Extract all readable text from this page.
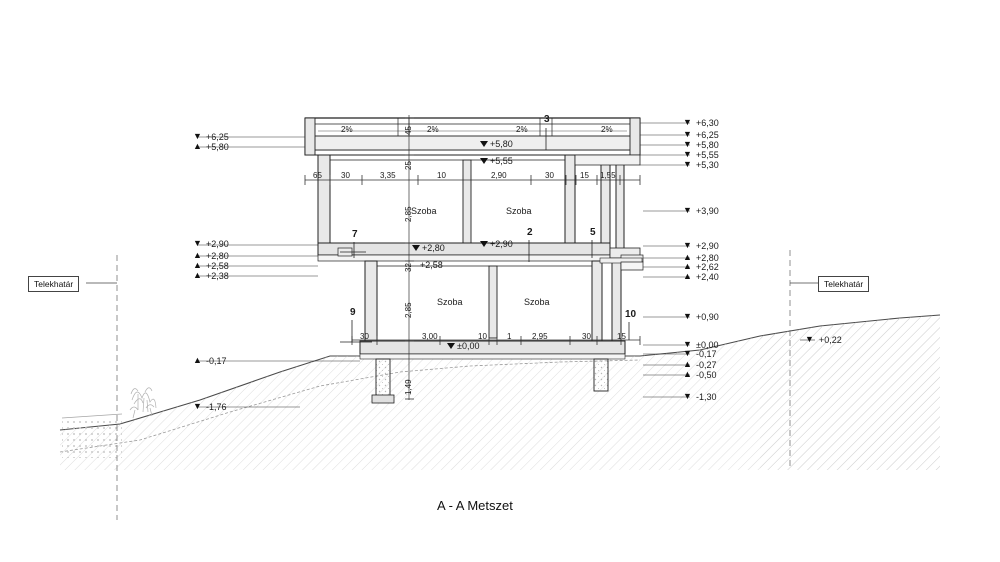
Telekhatár	Telekhatár
Szoba	Szoba
Szoba	Szoba
2%	2%	2%	2%
▼ +6,25
▲ +5,80
▼ +2,90
▲ +2,80
▲ +2,58
▲ +2,38
▲ -0,17
▼ -1,76
▼ +6,30
▼ +6,25
▼ +5,80
▼ +5,55
▼ +5,30
▼ +3,90
▼ +2,90
▲ +2,80
▲ +2,62
▲ +2,40
▼ +0,90
▼ ±0,00
▼ -0,17
▲ -0,27
▲ -0,50
▼ -1,30
▼ +0,22
+5,80
+5,55
+2,80	+2,90
+2,58
±0,00
65 30	3,35	10	2,90	30	15 1,55
30	3,00	10	1	2,95	30	15
45
25
2,85
32
2,85
1,49
3
2	5
7
9	10
A - A Metszet
